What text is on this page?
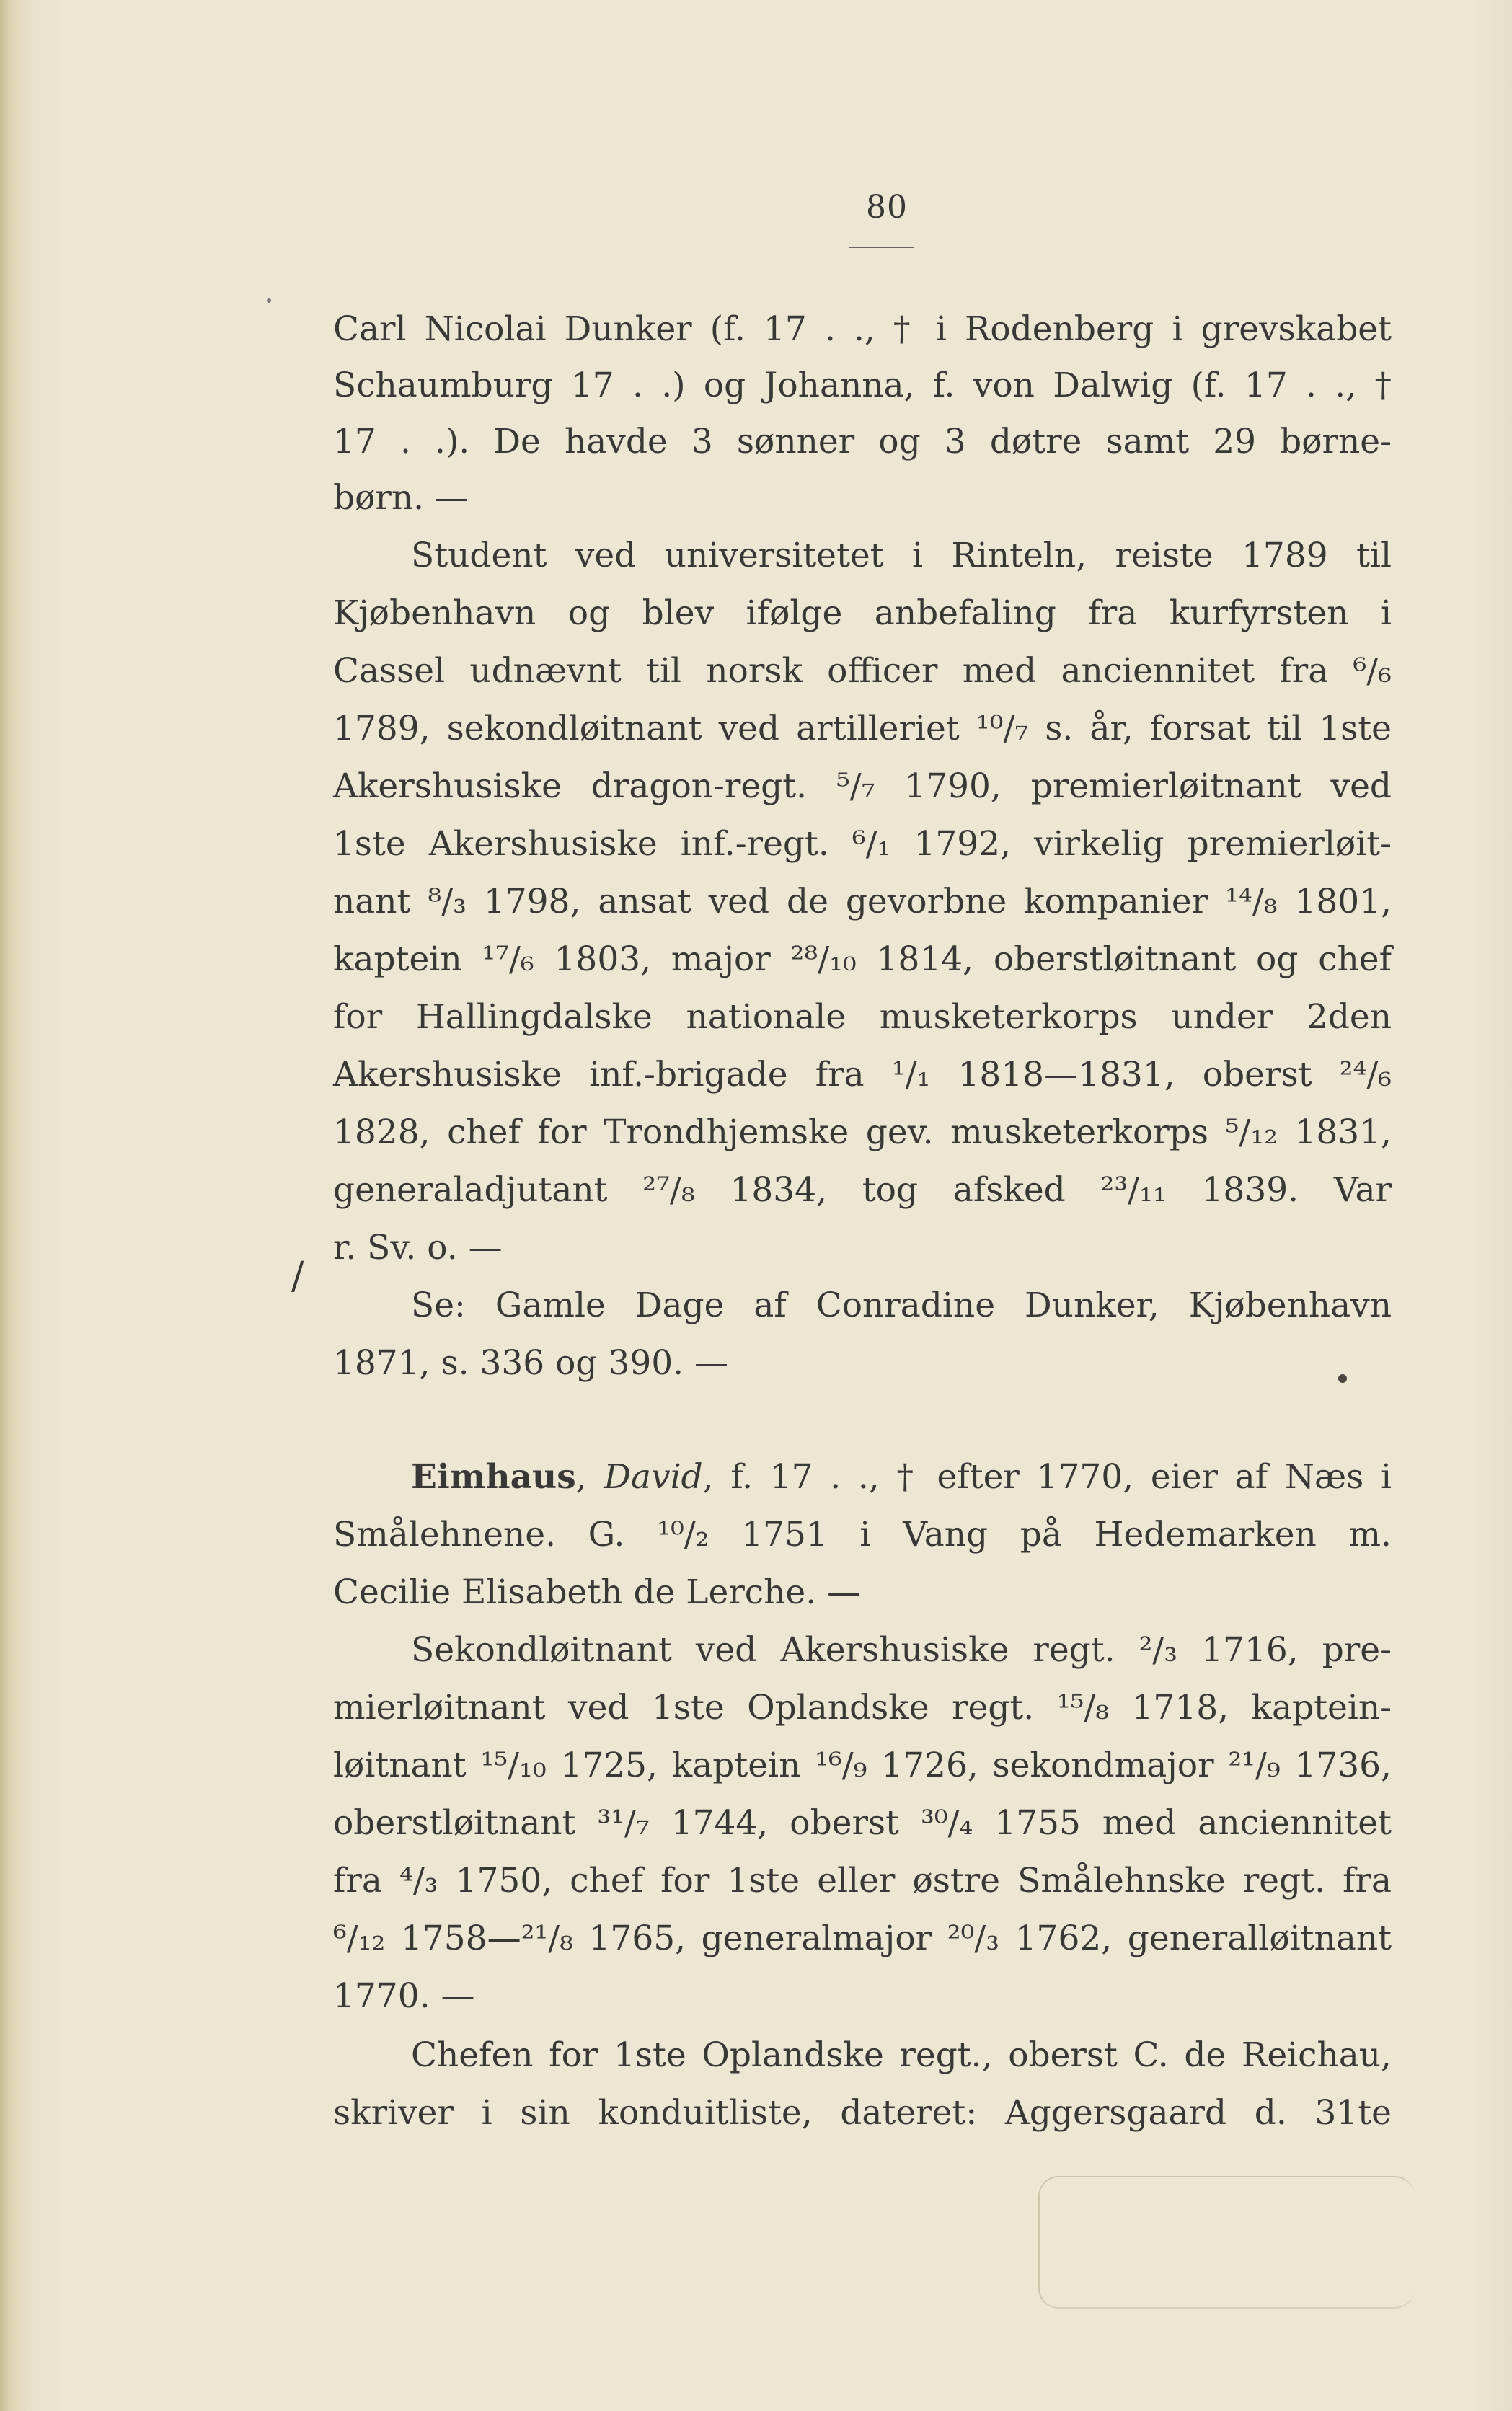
80
Carl Nicolai Dunker (f. 17 . ., † i Rodenberg i grevskabet
Schaumburg 17 . .) og Johanna, f. von Dalwig (f. 17 . ., †
17 . .). De havde 3 sønner og 3 døtre samt 29 børne-
børn. —
Student ved universitetet i Rinteln, reiste 1789 til
Kjøbenhavn og blev ifølge anbefaling fra kurfyrsten i
Cassel udnævnt til norsk officer med anciennitet fra ⁶/₆
1789, sekondløitnant ved artilleriet ¹⁰/₇ s. år, forsat til 1ste
Akershusiske dragon-regt. ⁵/₇ 1790, premierløitnant ved
1ste Akershusiske inf.-regt. ⁶/₁ 1792, virkelig premierløit-
nant ⁸/₃ 1798, ansat ved de gevorbne kompanier ¹⁴/₈ 1801,
kaptein ¹⁷/₆ 1803, major ²⁸/₁₀ 1814, oberstløitnant og chef
for Hallingdalske nationale musketerkorps under 2den
Akershusiske inf.-brigade fra ¹/₁ 1818—1831, oberst ²⁴/₆
1828, chef for Trondhjemske gev. musketerkorps ⁵/₁₂ 1831,
generaladjutant ²⁷/₈ 1834, tog afsked ²³/₁₁ 1839. Var
r. Sv. o. —
Se: Gamle Dage af Conradine Dunker, Kjøbenhavn
1871, s. 336 og 390. —
/
Eimhaus, David, f. 17 . ., † efter 1770, eier af Næs i
Smålehnene. G. ¹⁰/₂ 1751 i Vang på Hedemarken m.
Cecilie Elisabeth de Lerche. —
Sekondløitnant ved Akershusiske regt. ²/₃ 1716, pre-
mierløitnant ved 1ste Oplandske regt. ¹⁵/₈ 1718, kaptein-
løitnant ¹⁵/₁₀ 1725, kaptein ¹⁶/₉ 1726, sekondmajor ²¹/₉ 1736,
oberstløitnant ³¹/₇ 1744, oberst ³⁰/₄ 1755 med anciennitet
fra ⁴/₃ 1750, chef for 1ste eller østre Smålehnske regt. fra
⁶/₁₂ 1758—²¹/₈ 1765, generalmajor ²⁰/₃ 1762, generalløitnant
1770. —
Chefen for 1ste Oplandske regt., oberst C. de Reichau,
skriver i sin konduitliste, dateret: Aggersgaard d. 31te
